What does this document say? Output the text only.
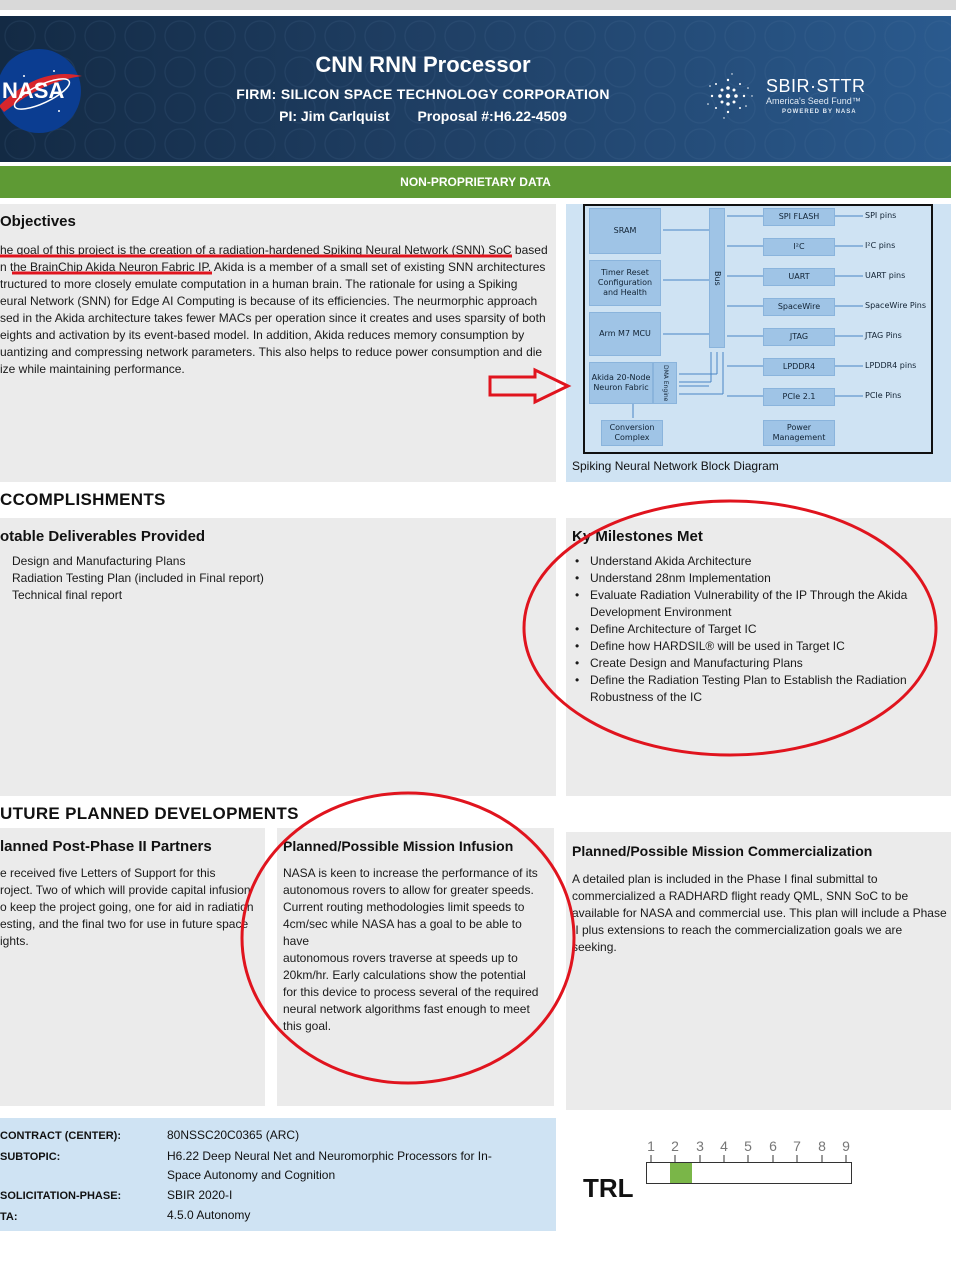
NASA
CNN RNN Processor
FIRM: SILICON SPACE TECHNOLOGY CORPORATION
PI: Jim Carlquist Proposal #:H6.22-4509
SBIR·STTR
America's Seed Fund™
POWERED BY NASA
NON-PROPRIETARY DATA
Objectives
he goal of this project is the creation of a radiation-hardened Spiking Neural Network (SNN) SoC based
n the BrainChip Akida Neuron Fabric IP. Akida is a member of a small set of existing SNN architectures
tructured to more closely emulate computation in a human brain. The rationale for using a Spiking
eural Network (SNN) for Edge AI Computing is because of its efficiencies. The neurmorphic approach
sed in the Akida architecture takes fewer MACs per operation since it creates and uses sparsity of both
eights and activation by its event-based model. In addition, Akida reduces memory consumption by
uantizing and compressing network parameters. This also helps to reduce power consumption and die
ize while maintaining performance.
SRAM
Timer Reset Configuration and Health
Arm M7 MCU
Akida 20-Node Neuron Fabric	DMA Engine
Conversion Complex
Bus
SPI FLASH
I²C
UART
SpaceWire
JTAG
LPDDR4
PCIe 2.1
Power Management
SPI pins
I²C pins
UART pins
SpaceWire Pins
JTAG Pins
LPDDR4 pins
PCIe Pins
Spiking Neural Network Block Diagram
CCOMPLISHMENTS
otable Deliverables Provided
Design and Manufacturing Plans
Radiation Testing Plan (included in Final report)
Technical final report
Ky Milestones Met
• Understand Akida Architecture
• Understand 28nm Implementation
• Evaluate Radiation Vulnerability of the IP Through the Akida Development Environment
• Define Architecture of Target IC
• Define how HARDSIL® will be used in Target IC
• Create Design and Manufacturing Plans
• Define the Radiation Testing Plan to Establish the Radiation Robustness of the IC
UTURE PLANNED DEVELOPMENTS
lanned Post-Phase II Partners
e received five Letters of Support for this
roject. Two of which will provide capital infusion
o keep the project going, one for aid in radiation
esting, and the final two for use in future space
ights.
Planned/Possible Mission Infusion
NASA is keen to increase the performance of its
autonomous rovers to allow for greater speeds.
Current routing methodologies limit speeds to
4cm/sec while NASA has a goal to be able to have
autonomous rovers traverse at speeds up to
20km/hr. Early calculations show the potential
for this device to process several of the required
neural network algorithms fast enough to meet
this goal.
Planned/Possible Mission Commercialization
A detailed plan is included in the Phase I final submittal to
commercialized a RADHARD flight ready QML, SNN SoC to be
available for NASA and commercial use. This plan will include a Phase
II plus extensions to reach the commercialization goals we are
seeking.
CONTRACT (CENTER):	80NSSC20C0365 (ARC)
SUBTOPIC:	H6.22 Deep Neural Net and Neuromorphic Processors for In-
Space Autonomy and Cognition
SOLICITATION-PHASE:	SBIR 2020-I
TA:	4.5.0 Autonomy
TRL
1 2 3 4 5 6 7 8 9
